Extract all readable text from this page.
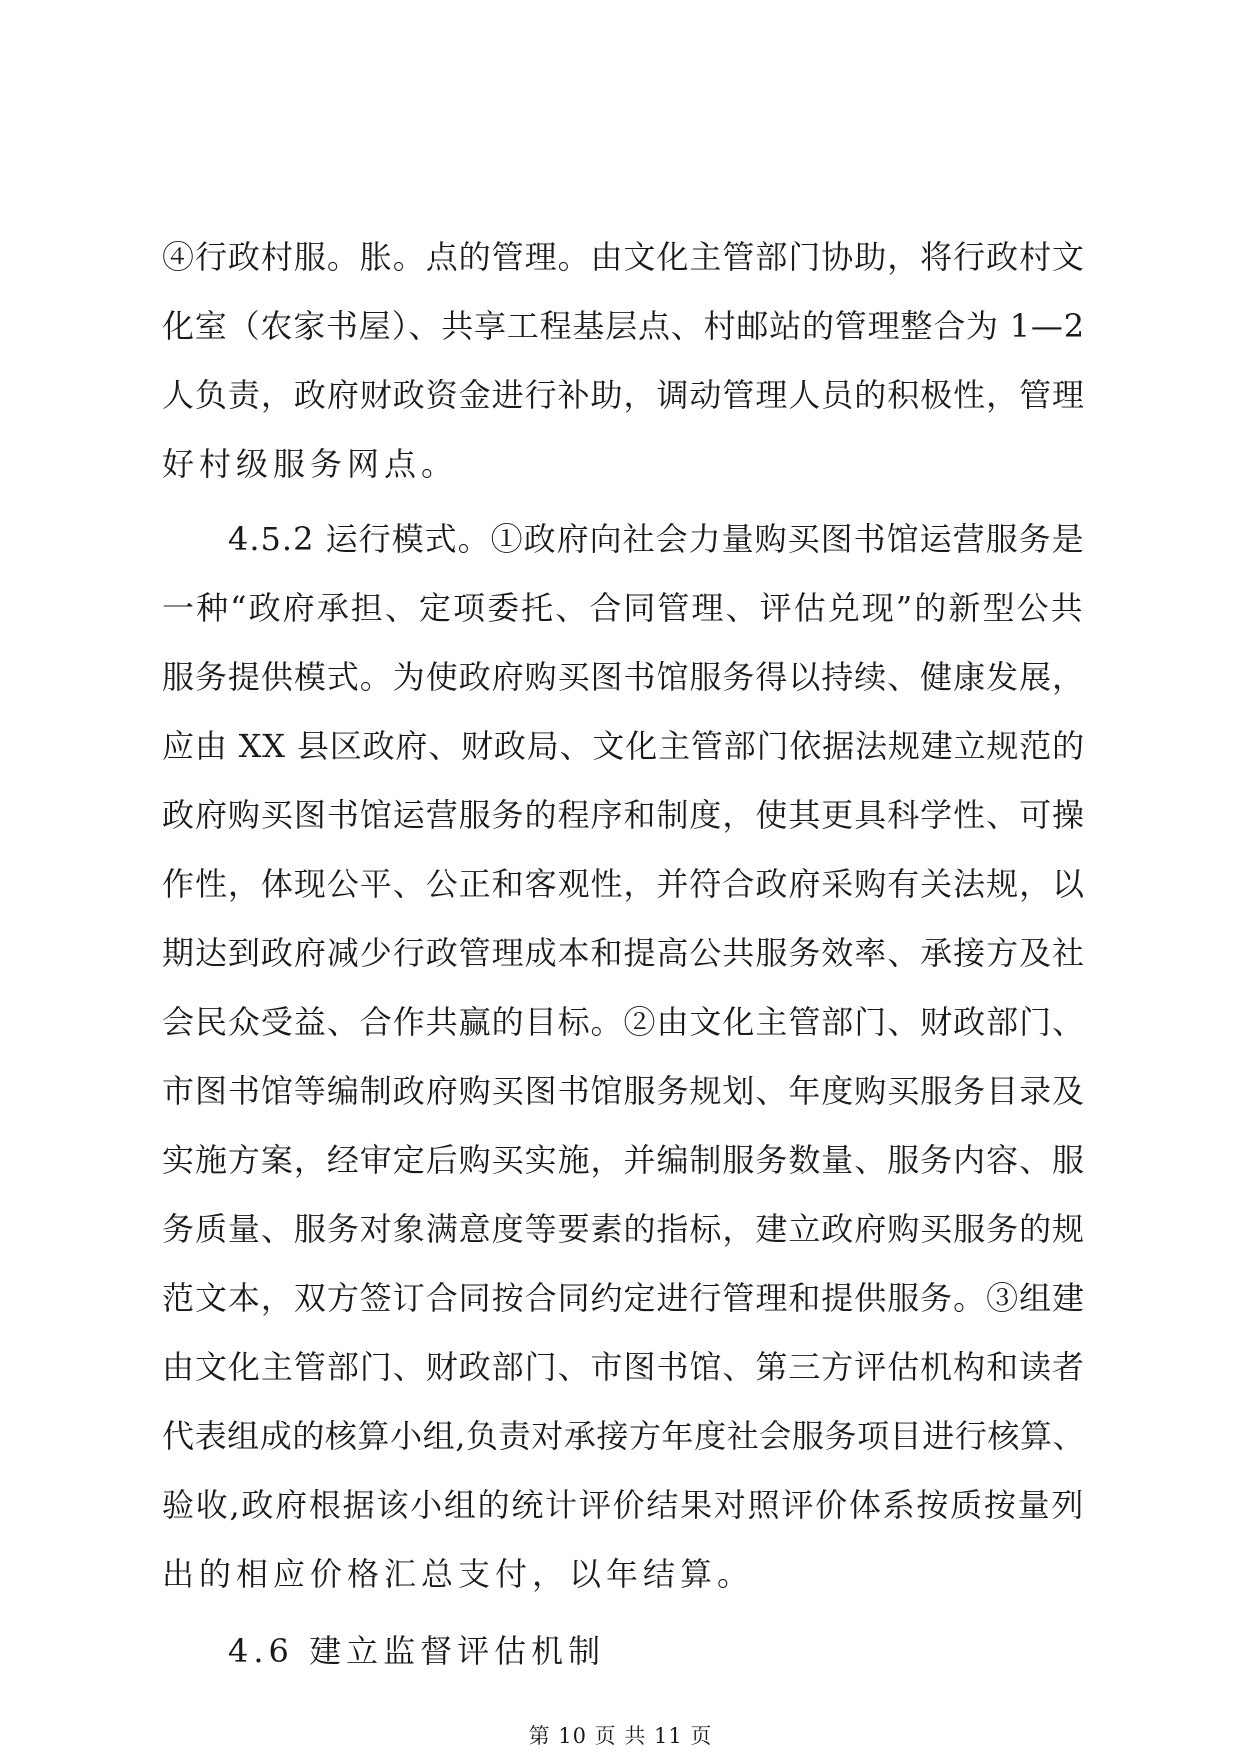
④行政村服。胀。点的管理。由文化主管部门协助，将行政村文
化室（农家书屋）、共享工程基层点、村邮站的管理整合为 1—2
人负责，政府财政资金进行补助，调动管理人员的积极性，管理
好村级服务网点。
4.5.2 运行模式。①政府向社会力量购买图书馆运营服务是
一种“政府承担、定项委托、合同管理、评估兑现”的新型公共
服务提供模式。为使政府购买图书馆服务得以持续、健康发展，
应由 XX 县区政府、财政局、文化主管部门依据法规建立规范的
政府购买图书馆运营服务的程序和制度，使其更具科学性、可操
作性，体现公平、公正和客观性，并符合政府采购有关法规，以
期达到政府减少行政管理成本和提高公共服务效率、承接方及社
会民众受益、合作共赢的目标。②由文化主管部门、财政部门、
市图书馆等编制政府购买图书馆服务规划、年度购买服务目录及
实施方案，经审定后购买实施，并编制服务数量、服务内容、服
务质量、服务对象满意度等要素的指标，建立政府购买服务的规
范文本，双方签订合同按合同约定进行管理和提供服务。③组建
由文化主管部门、财政部门、市图书馆、第三方评估机构和读者
代表组成的核算小组,负责对承接方年度社会服务项目进行核算、
验收,政府根据该小组的统计评价结果对照评价体系按质按量列
出的相应价格汇总支付，以年结算。
4.6 建立监督评估机制
第 10 页 共 11 页
